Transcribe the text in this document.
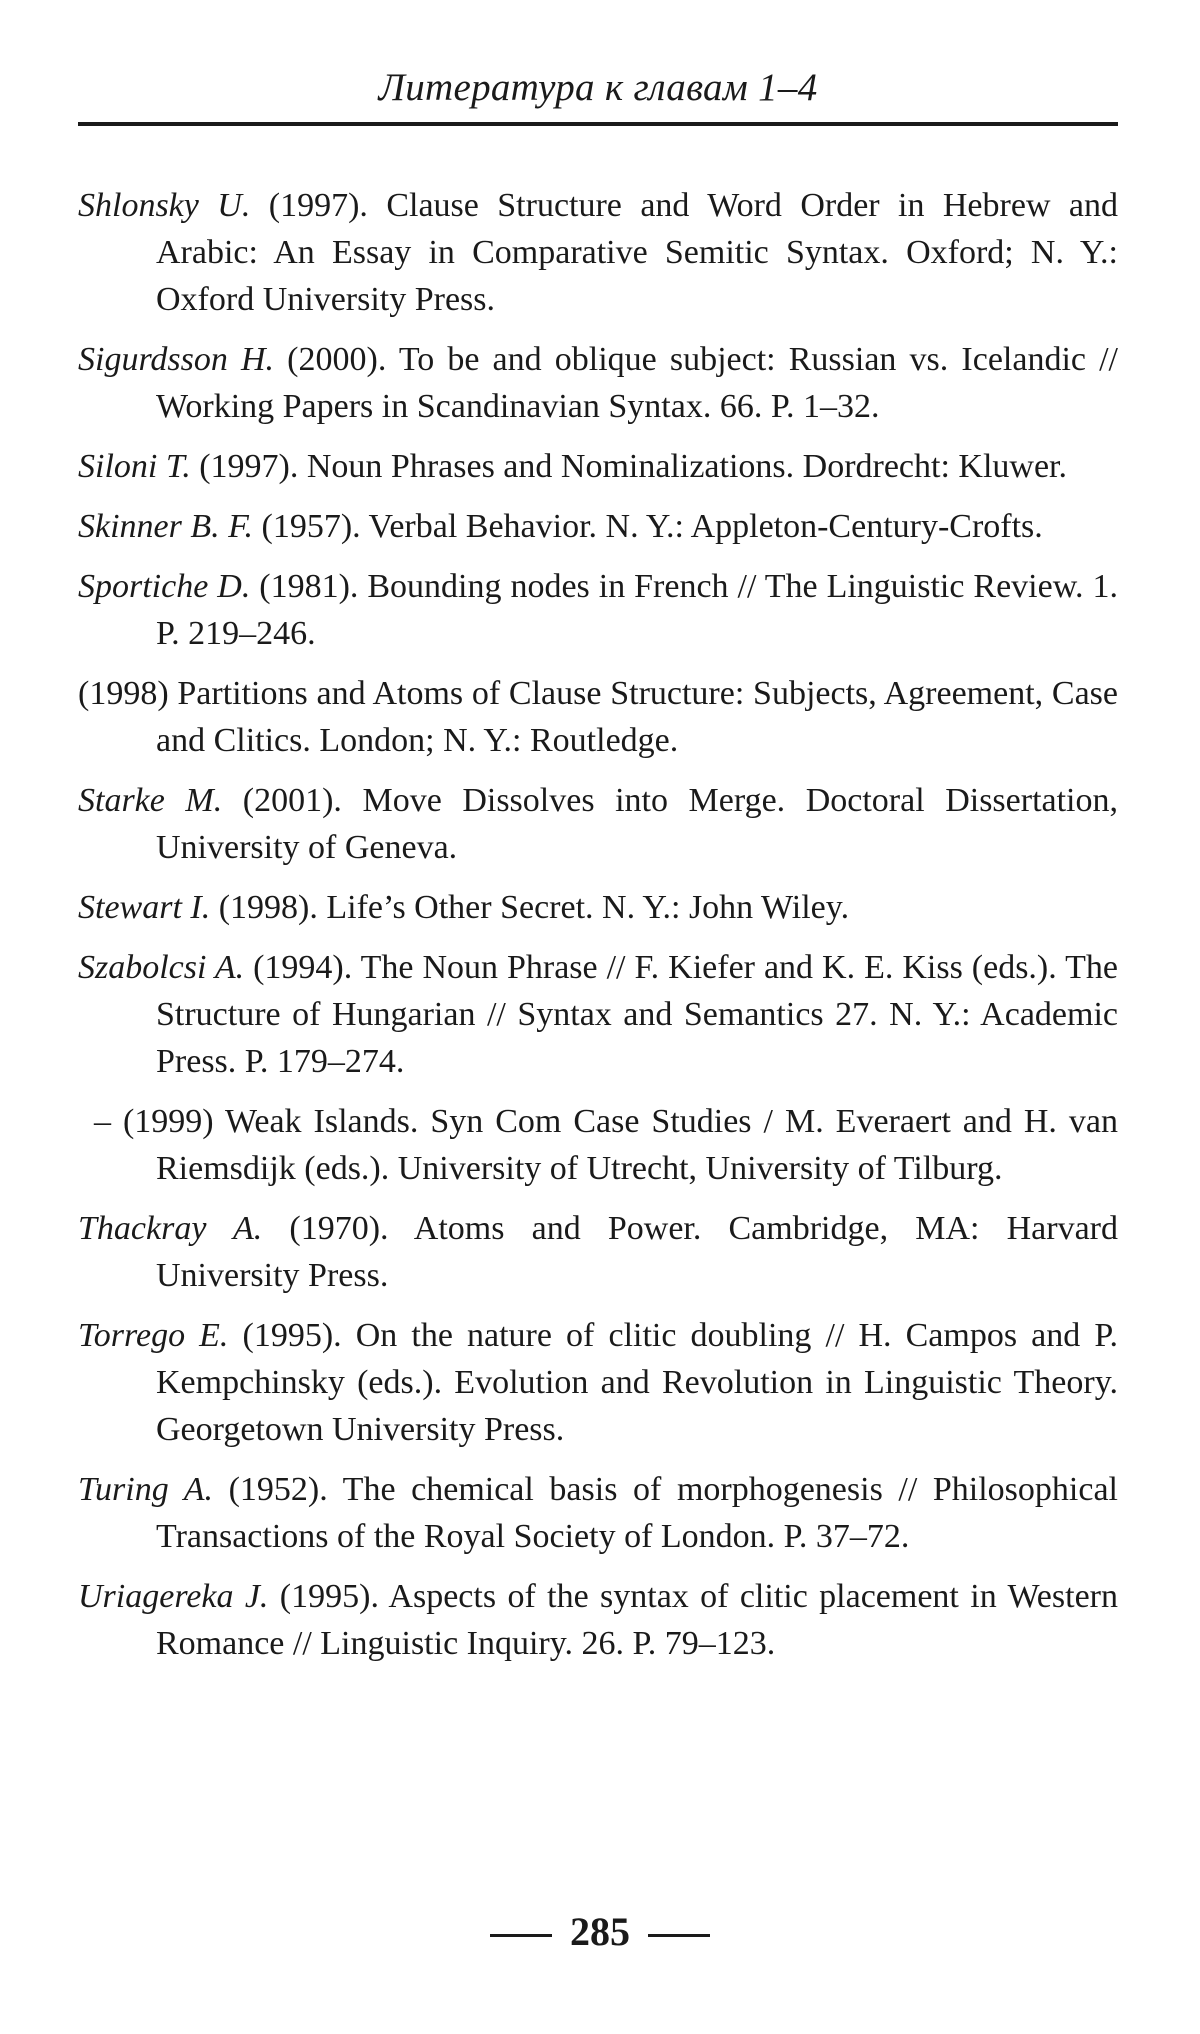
Литература к главам 1–4
Shlonsky U. (1997). Clause Structure and Word Order in Hebrew and Arabic: An Essay in Comparative Semitic Syntax. Oxford; N. Y.: Oxford University Press.
Sigurdsson H. (2000). To be and oblique subject: Russian vs. Icelandic // Working Papers in Scandinavian Syntax. 66. P. 1–32.
Siloni T. (1997). Noun Phrases and Nominalizations. Dordrecht: Kluwer.
Skinner B. F. (1957). Verbal Behavior. N. Y.: Appleton-Century-Crofts.
Sportiche D. (1981). Bounding nodes in French // The Linguistic Review. 1. P. 219–246.
(1998) Partitions and Atoms of Clause Structure: Subjects, Agreement, Case and Clitics. London; N. Y.: Routledge.
Starke M. (2001). Move Dissolves into Merge. Doctoral Dissertation, University of Geneva.
Stewart I. (1998). Life’s Other Secret. N. Y.: John Wiley.
Szabolcsi A. (1994). The Noun Phrase // F. Kiefer and K. E. Kiss (eds.). The Structure of Hungarian // Syntax and Semantics 27. N. Y.: Academic Press. P. 179–274.
– (1999) Weak Islands. Syn Com Case Studies / M. Everaert and H. van Riemsdijk (eds.). University of Utrecht, University of Tilburg.
Thackray A. (1970). Atoms and Power. Cambridge, MA: Harvard University Press.
Torrego E. (1995). On the nature of clitic doubling // H. Campos and P. Kempchinsky (eds.). Evolution and Revolution in Linguistic Theory. Georgetown University Press.
Turing A. (1952). The chemical basis of morphogenesis // Philosophical Transactions of the Royal Society of London. P. 37–72.
Uriagereka J. (1995). Aspects of the syntax of clitic placement in Western Romance // Linguistic Inquiry. 26. P. 79–123.
285
